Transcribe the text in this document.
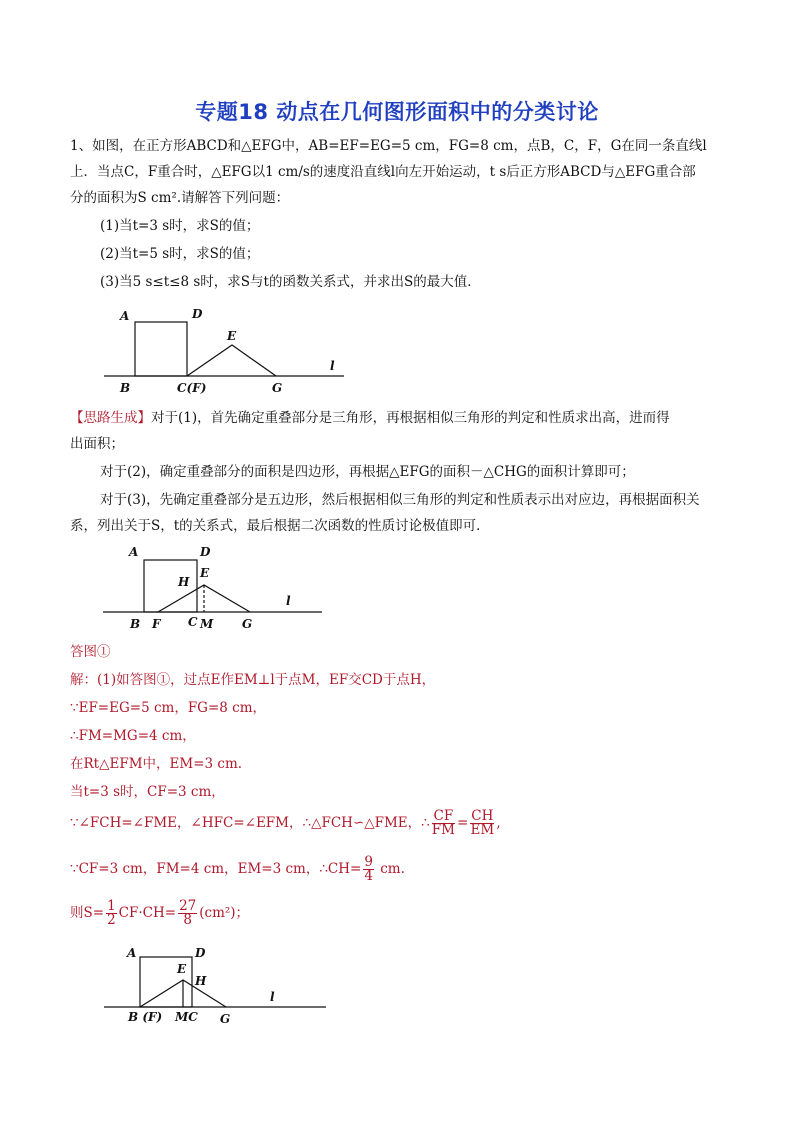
专题18 动点在几何图形面积中的分类讨论
1、如图，在正方形ABCD和△EFG中，AB=EF=EG=5 cm，FG=8 cm，点B，C，F，G在同一条直线l
上．当点C，F重合时，△EFG以1 cm/s的速度沿直线l向左开始运动，t s后正方形ABCD与△EFG重合部
分的面积为S cm².请解答下列问题：
(1)当t=3 s时，求S的值；
(2)当t=5 s时，求S的值；
(3)当5 s≤t≤8 s时，求S与t的函数关系式，并求出S的最大值．
A	D
E
B	C(F)	G
l
【思路生成】对于(1)，首先确定重叠部分是三角形，再根据相似三角形的判定和性质求出高，进而得
出面积；
对于(2)，确定重叠部分的面积是四边形，再根据△EFG的面积－△CHG的面积计算即可；
对于(3)，先确定重叠部分是五边形，然后根据相似三角形的判定和性质表示出对应边，再根据面积关
系，列出关于S，t的关系式，最后根据二次函数的性质讨论极值即可．
A	D
H
E
B F C M G
l
答图①
解：(1)如答图①，过点E作EM⊥l于点M，EF交CD于点H，
∵EF=EG=5 cm，FG=8 cm，
∴FM=MG=4 cm，
在Rt△EFM中，EM=3 cm.
当t=3 s时，CF=3 cm，
∵∠FCH=∠FME，∠HFC=∠EFM，∴△FCH∽△FME，∴ $\frac{CF}{FM} = \frac{CH}{EM}$ ,
∵CF=3 cm，FM=4 cm，EM=3 cm，∴CH= $\frac{9}{4}$ cm.
则$S= \frac{1}{2} CF\cdot CH= \frac{27}{8} (cm^2)$；
A	D
E
H
B (F) MC G
l
